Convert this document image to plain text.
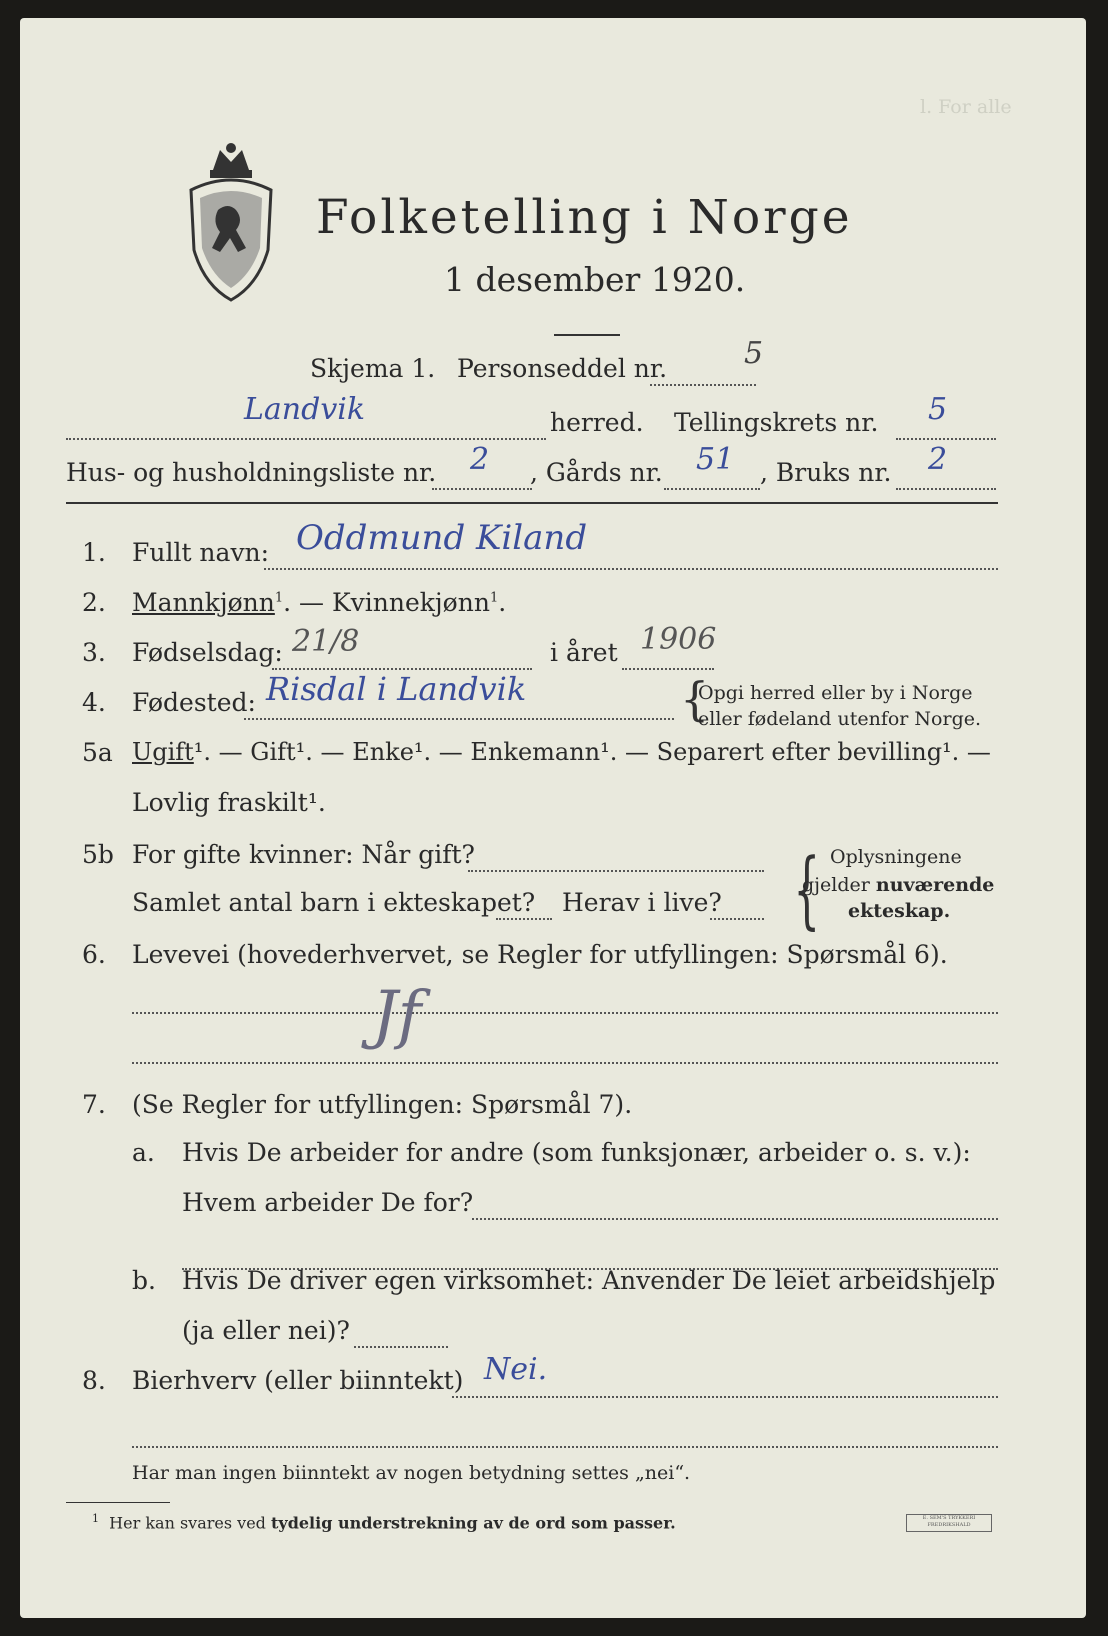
l. For alle
Folketelling i Norge
1 desember 1920.
Skjema 1. Personseddel nr.	5
Landvik	herred. Tellingskrets nr. 5
Hus- og husholdningsliste nr. 2 , Gårds nr. 51 , Bruks nr. 2
1. Fullt navn: Oddmund Kiland
2. Mannkjønn$^1$. — Kvinnekjønn$^1$.
3. Fødselsdag: 21/8	i året 1906
4. Fødested: Risdal i Landvik	{
Opgi herred eller by i Norge
eller fødeland utenfor Norge.
5a Ugift¹. — Gift¹. — Enke¹. — Enkemann¹. — Separert efter bevilling¹. —
Lovlig fraskilt¹.
5b For gifte kvinner: Når gift?
Samlet antal barn i ekteskapet? Herav i live? { Oplysningene
gjelder nuværende
ekteskap.
6. Levevei (hovederhvervet, se Regler for utfyllingen: Spørsmål 6).
Jf
7. (Se Regler for utfyllingen: Spørsmål 7).
a. Hvis De arbeider for andre (som funksjonær, arbeider o. s. v.):
Hvem arbeider De for?
b. Hvis De driver egen virksomhet: Anvender De leiet arbeidshjelp
(ja eller nei)?
8. Bierhverv (eller biinntekt) Nei.
Har man ingen biinntekt av nogen betydning settes „nei“.
$^1$ Her kan svares ved tydelig understrekning av de ord som passer.	E. SEM'S TRYKKERI FREDRIKSHALD
